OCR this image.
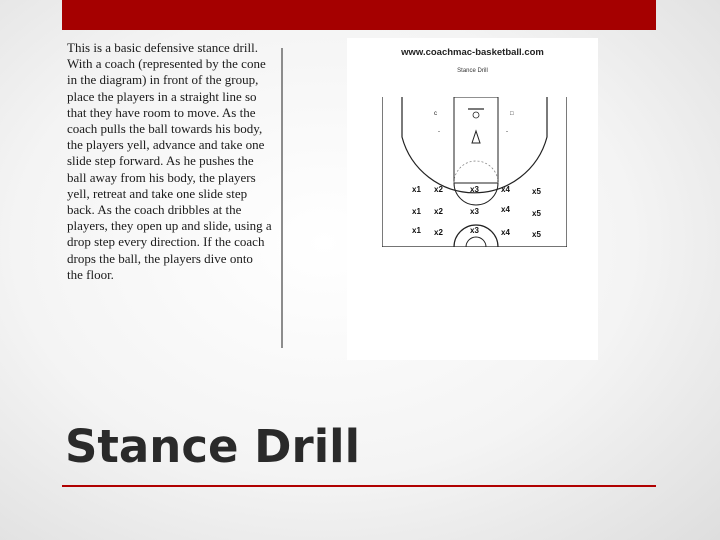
This is a basic defensive stance drill. With a coach (represented by the cone in the diagram) in front of the group, place the players in a straight line so that they have room to move. As the coach pulls the ball towards his body, the players yell, advance and take one slide step forward. As he pushes the ball away from his body, the players yell, retreat and take one slide step back. As the coach dribbles at the players, they open up and slide, using a drop step every direction. If the coach drops the ball, the players dive onto the floor.

www.coachmac-basketball.com
Stance Drill
c	□
-	-
x1 x2	x3	x4	x5
x1 x2	x3	x4	x5
x1 x2	x3	x4	x5
Stance Drill
